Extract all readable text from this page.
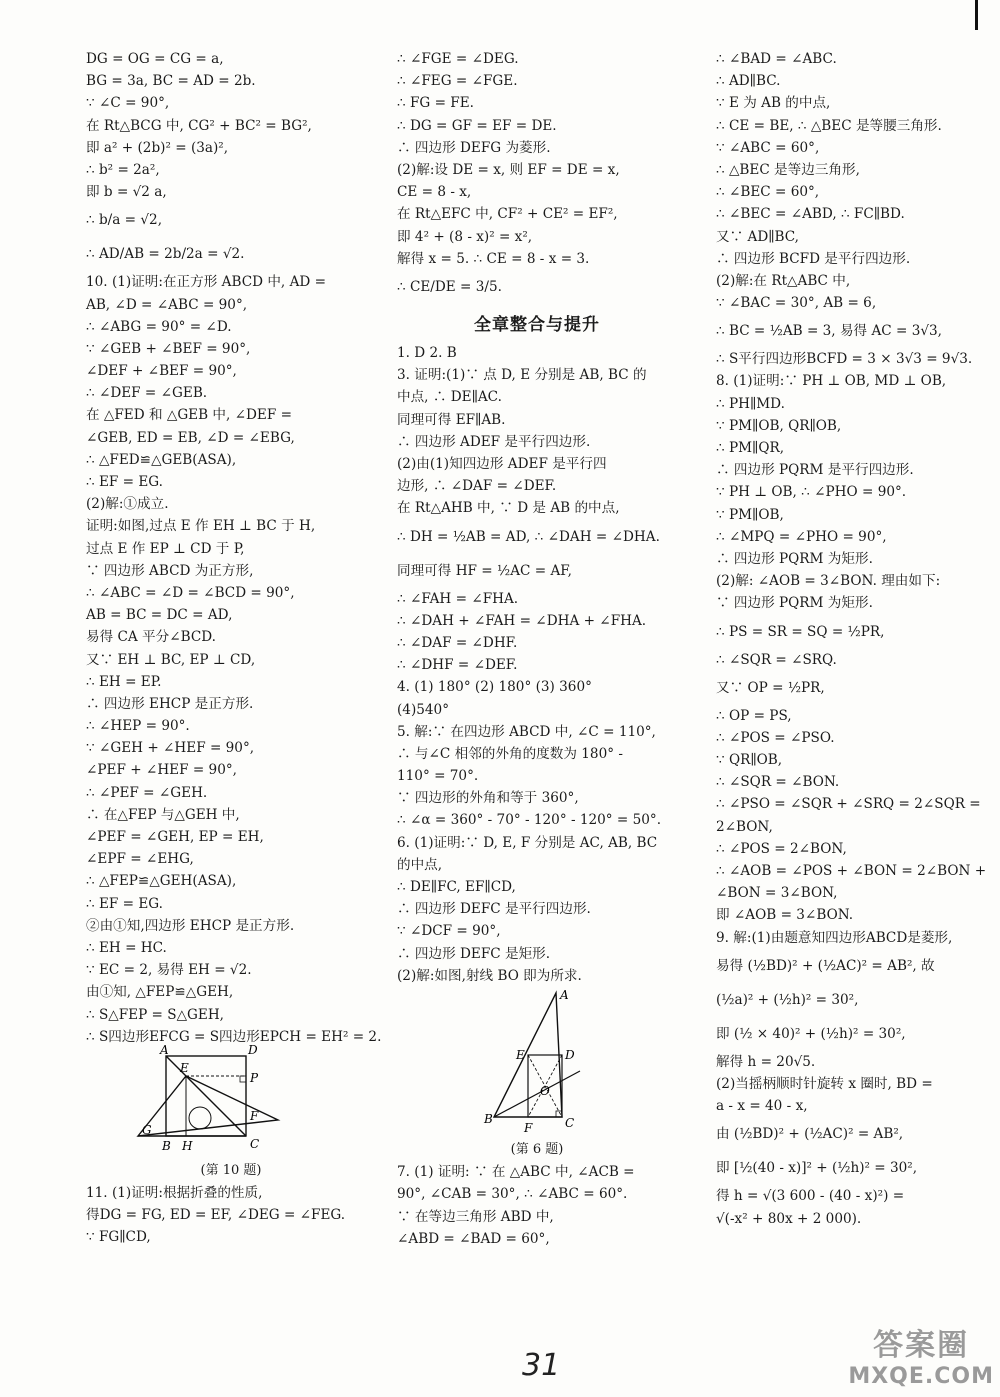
DG = OG = CG = a,
BG = 3a, BC = AD = 2b.
∵ ∠C = 90°,
在 Rt△BCG 中, CG² + BC² = BG²,
即 a² + (2b)² = (3a)²,
∴ b² = 2a²,
即 b = √2 a,
∴ b/a = √2,
∴ AD/AB = 2b/2a = √2.
10. (1)证明:在正方形 ABCD 中, AD =
AB, ∠D = ∠ABC = 90°,
∴ ∠ABG = 90° = ∠D.
∵ ∠GEB + ∠BEF = 90°,
∠DEF + ∠BEF = 90°,
∴ ∠DEF = ∠GEB.
在 △FED 和 △GEB 中, ∠DEF =
∠GEB, ED = EB, ∠D = ∠EBG,
∴ △FED≌△GEB(ASA),
∴ EF = EG.
(2)解:①成立.
证明:如图,过点 E 作 EH ⊥ BC 于 H,
过点 E 作 EP ⊥ CD 于 P,
∵ 四边形 ABCD 为正方形,
∴ ∠ABC = ∠D = ∠BCD = 90°,
AB = BC = DC = AD,
易得 CA 平分∠BCD.
又∵ EH ⊥ BC, EP ⊥ CD,
∴ EH = EP.
∴ 四边形 EHCP 是正方形.
∴ ∠HEP = 90°.
∵ ∠GEH + ∠HEF = 90°,
∠PEF + ∠HEF = 90°,
∴ ∠PEF = ∠GEH.
∴ 在△FEP 与△GEH 中,
∠PEF = ∠GEH, EP = EH,
∠EPF = ∠EHG,
∴ △FEP≌△GEH(ASA),
∴ EF = EG.
②由①知,四边形 EHCP 是正方形.
∴ EH = HC.
∵ EC = 2, 易得 EH = √2.
由①知, △FEP≌△GEH,
∴ S△FEP = S△GEH,
∴ S四边形EFCG = S四边形EPCH = EH² = 2.
A	D
E
P
F
G
B H	C
(第 10 题)
11. (1)证明:根据折叠的性质,
得DG = FG, ED = EF, ∠DEG = ∠FEG.
∵ FG∥CD,
∴ ∠FGE = ∠DEG.
∴ ∠FEG = ∠FGE.
∴ FG = FE.
∴ DG = GF = EF = DE.
∴ 四边形 DEFG 为菱形.
(2)解:设 DE = x, 则 EF = DE = x,
CE = 8 - x,
在 Rt△EFC 中, CF² + CE² = EF²,
即 4² + (8 - x)² = x²,
解得 x = 5. ∴ CE = 8 - x = 3.
∴ CE/DE = 3/5.
全章整合与提升
1. D 2. B
3. 证明:(1)∵ 点 D, E 分别是 AB, BC 的
中点, ∴ DE∥AC.
同理可得 EF∥AB.
∴ 四边形 ADEF 是平行四边形.
(2)由(1)知四边形 ADEF 是平行四
边形, ∴ ∠DAF = ∠DEF.
在 Rt△AHB 中, ∵ D 是 AB 的中点,
∴ DH = ½AB = AD, ∴ ∠DAH = ∠DHA.
同理可得 HF = ½AC = AF,
∴ ∠FAH = ∠FHA.
∴ ∠DAH + ∠FAH = ∠DHA + ∠FHA.
∴ ∠DAF = ∠DHF.
∴ ∠DHF = ∠DEF.
4. (1) 180° (2) 180° (3) 360°
(4)540°
5. 解:∵ 在四边形 ABCD 中, ∠C = 110°,
∴ 与∠C 相邻的外角的度数为 180° -
110° = 70°.
∵ 四边形的外角和等于 360°,
∴ ∠α = 360° - 70° - 120° - 120° = 50°.
6. (1)证明:∵ D, E, F 分别是 AC, AB, BC
的中点,
∴ DE∥FC, EF∥CD,
∴ 四边形 DEFC 是平行四边形.
∵ ∠DCF = 90°,
∴ 四边形 DEFC 是矩形.
(2)解:如图,射线 BO 即为所求.
A
E	D
O
B
F	C
(第 6 题)
7. (1) 证明: ∵ 在 △ABC 中, ∠ACB =
90°, ∠CAB = 30°, ∴ ∠ABC = 60°.
∵ 在等边三角形 ABD 中,
∠ABD = ∠BAD = 60°,
∴ ∠BAD = ∠ABC.
∴ AD∥BC.
∵ E 为 AB 的中点,
∴ CE = BE, ∴ △BEC 是等腰三角形.
∵ ∠ABC = 60°,
∴ △BEC 是等边三角形,
∴ ∠BEC = 60°,
∴ ∠BEC = ∠ABD, ∴ FC∥BD.
又∵ AD∥BC,
∴ 四边形 BCFD 是平行四边形.
(2)解:在 Rt△ABC 中,
∵ ∠BAC = 30°, AB = 6,
∴ BC = ½AB = 3, 易得 AC = 3√3,
∴ S平行四边形BCFD = 3 × 3√3 = 9√3.
8. (1)证明:∵ PH ⊥ OB, MD ⊥ OB,
∴ PH∥MD.
∵ PM∥OB, QR∥OB,
∴ PM∥QR,
∴ 四边形 PQRM 是平行四边形.
∵ PH ⊥ OB, ∴ ∠PHO = 90°.
∵ PM∥OB,
∴ ∠MPQ = ∠PHO = 90°,
∴ 四边形 PQRM 为矩形.
(2)解: ∠AOB = 3∠BON. 理由如下:
∵ 四边形 PQRM 为矩形.
∴ PS = SR = SQ = ½PR,
∴ ∠SQR = ∠SRQ.
又∵ OP = ½PR,
∴ OP = PS,
∴ ∠POS = ∠PSO.
∵ QR∥OB,
∴ ∠SQR = ∠BON.
∴ ∠PSO = ∠SQR + ∠SRQ = 2∠SQR =
2∠BON,
∴ ∠POS = 2∠BON,
∴ ∠AOB = ∠POS + ∠BON = 2∠BON +
∠BON = 3∠BON,
即 ∠AOB = 3∠BON.
9. 解:(1)由题意知四边形ABCD是菱形,
易得 (½BD)² + (½AC)² = AB², 故
(½a)² + (½h)² = 30²,
即 (½ × 40)² + (½h)² = 30²,
解得 h = 20√5.
(2)当摇柄顺时针旋转 x 圈时, BD =
a - x = 40 - x,
由 (½BD)² + (½AC)² = AB²,
即 [½(40 - x)]² + (½h)² = 30²,
得 h = √(3 600 - (40 - x)²) =
√(-x² + 80x + 2 000).
31
答案圈
MXQE.COM
